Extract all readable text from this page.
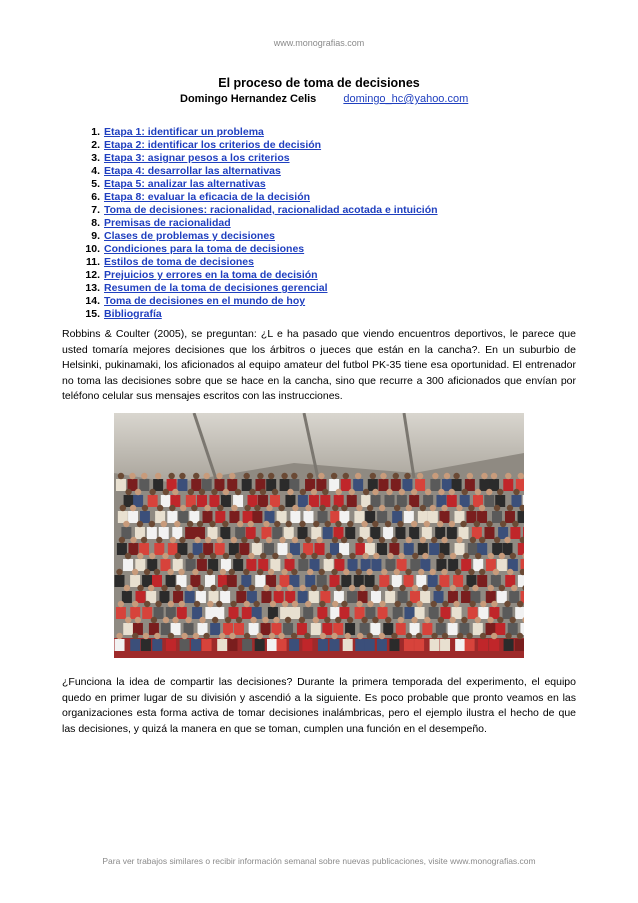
www.monografias.com
El proceso de toma de decisiones
Domingo Hernandez Celis domingo_hc@yahoo.com
1. Etapa 1: identificar un problema
2. Etapa 2: identificar los criterios de decisión
3. Etapa 3: asignar pesos a los criterios
4. Etapa 4: desarrollar las alternativas
5. Etapa 5: analizar las alternativas
6. Etapa 8: evaluar la eficacia de la decisión
7. Toma de decisiones: racionalidad, racionalidad acotada e intuición
8. Premisas de racionalidad
9. Clases de problemas y decisiones
10. Condiciones para la toma de decisiones
11. Estilos de toma de decisiones
12. Prejuicios y errores en la toma de decisión
13. Resumen de la toma de decisiones gerencial
14. Toma de decisiones en el mundo de hoy
15. Bibliografía
Robbins & Coulter (2005), se preguntan: ¿L e ha pasado que viendo encuentros deportivos, le parece que usted tomaría mejores decisiones que los árbitros o jueces que están en la cancha?. En un suburbio de Helsinki, pukinamaki, los aficionados al equipo amateur del futbol PK-35 tiene esa oportunidad. El entrenador no toma las decisiones sobre que se hace en la cancha, sino que recurre a 300 aficionados que envían por teléfono celular sus mensajes escritos con las instrucciones.
¿Funciona la idea de compartir las decisiones? Durante la primera temporada del experimento, el equipo quedo en primer lugar de su división y ascendió a la siguiente. Es poco probable que pronto veamos en las organizaciones esta forma activa de tomar decisiones inalámbricas, pero el ejemplo ilustra el hecho de que las decisiones, y quizá la manera en que se toman, cumplen una función en el desempeño.
Para ver trabajos similares o recibir información semanal sobre nuevas publicaciones, visite www.monografias.com
